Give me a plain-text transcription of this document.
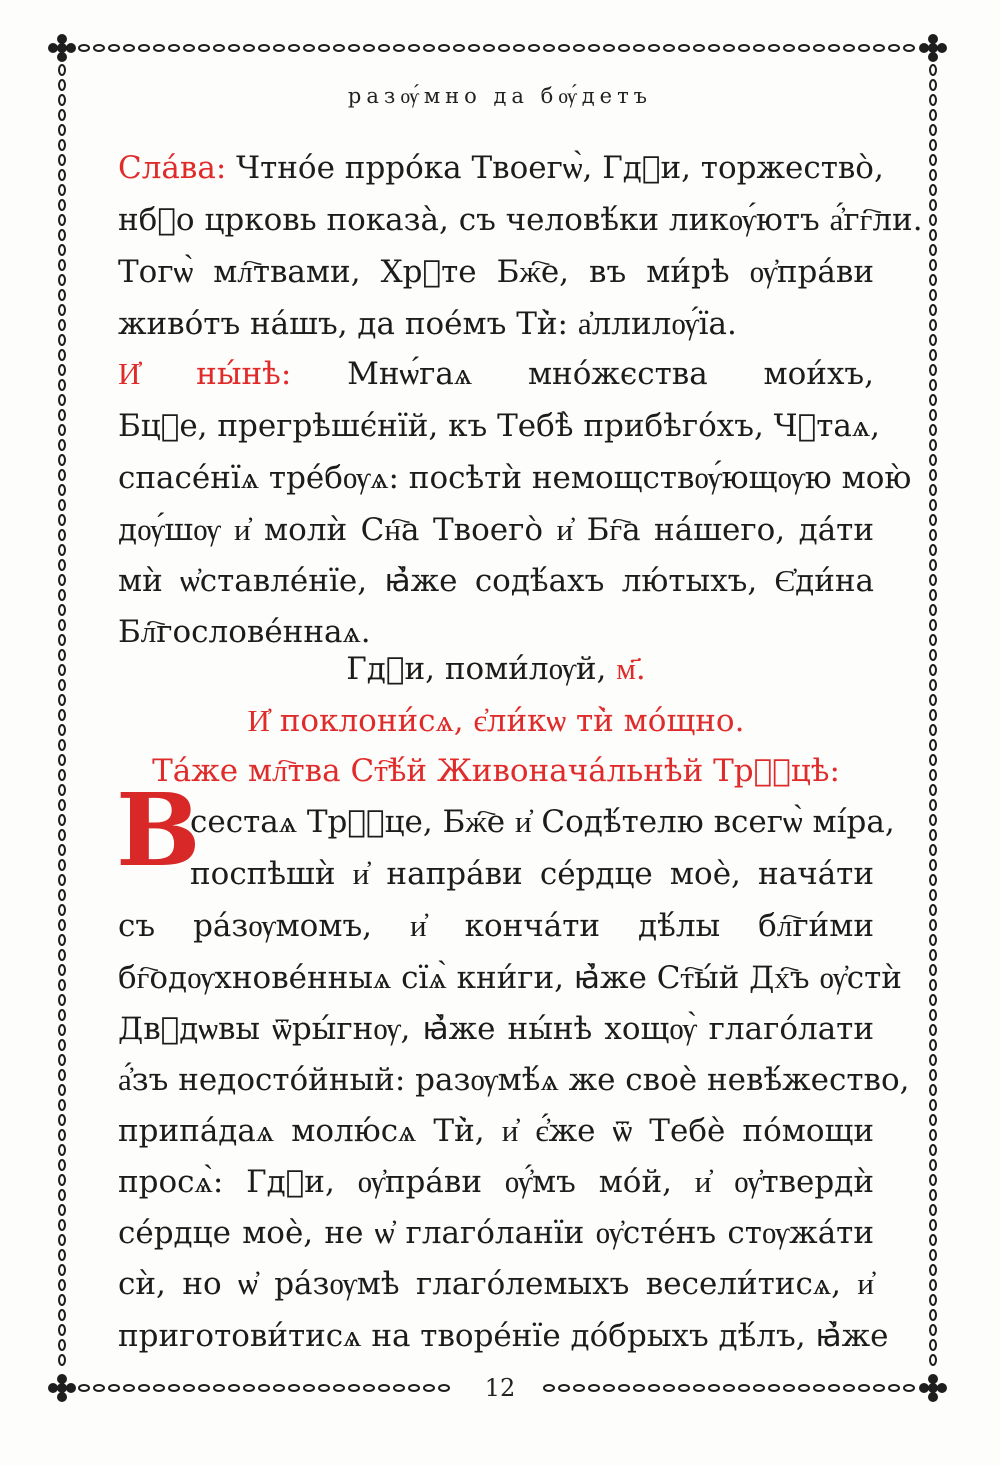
разѹ́мно да бѹ́детъ
Сла́ва: Чтно́е прро́ка Твоегѡ̀, Гдⷭи, торжество̀,
нбⷭо црковь показа̀, съ человѣ́ки ликѹ́ютъ а҆́гг҇ли.
Тогѡ̀ мл҇твами, Хрⷭте Бж҇е, въ ми́рѣ ѹ҆пра́ви
живо́тъ на́шъ, да пое́мъ Ти̇̀: а҆ллилѹ́їа.
И҆ ны́нѣ: Мнѡ́гаѧ мно́жєства мои́хъ,
Бцⷣе, прегрѣшє́нїй, къ Тебѣ̀ прибѣго́хъ, Чⷭтаѧ,
спасе́нїѧ тре́бѹѧ: посѣтѝ немощствѹ́ющѹю мою̀
дѹ́шѹ и҆ молѝ Сн҇а Твоего̀ и҆ Бг҇а на́шего, да́ти
мѝ ѡ҆ставле́нїе, ꙗ҆̀же содѣ́ахъ лю́тыхъ, Є҆ди́на
Бл҇гослове́ннаѧ.
Гдⷭи, поми́лѹй, м҃.
И҆ поклони́сѧ, є҆ли́кѡ ти̇̀ мо́щно.
Та́же мл҇тва Ст҇ѣ́й Живонача́льнѣй Трⷪ҇цѣ:
В
сестаѧ Трⷪ҇це, Бж҇е и҆ Содѣ́телю всегѡ̀ мі́ра,
поспѣшѝ и҆ напра́ви се́рдце моѐ, нача́ти
съ ра́зѹмомъ, и҆ конча́ти дѣ́лы бл҇ги́ми
бг҇одѹхнове́нныѧ сїѧ̀ кни́ги, ꙗ҆̀же Ст҇ы́й Дх҇ъ ѹ҆стѝ
Двⷣдѡвы ѿры́гнѹ, ꙗ҆̀же ны́нѣ хощѹ̀ глаго́лати
а҆́зъ недосто́йный: разѹмѣ́ѧ же своѐ невѣ́жество,
припа́даѧ молю́сѧ Ти̇̀, и҆ є҆́же ѿ Тебѐ по́мощи
просѧ̀: Гдⷭи, ѹ҆пра́ви ѹ҆́мъ мо́й, и҆ ѹ҆твердѝ
се́рдце моѐ, не ѡ҆ глаго́ланїи ѹ҆сте́нъ стѹжа́ти
сѝ, но ѡ҆ ра́зѹмѣ глаго́лемыхъ весели́тисѧ, и҆
приготови́тисѧ на творе́нїе до́брыхъ дѣ́лъ, ꙗ҆̀же
12
